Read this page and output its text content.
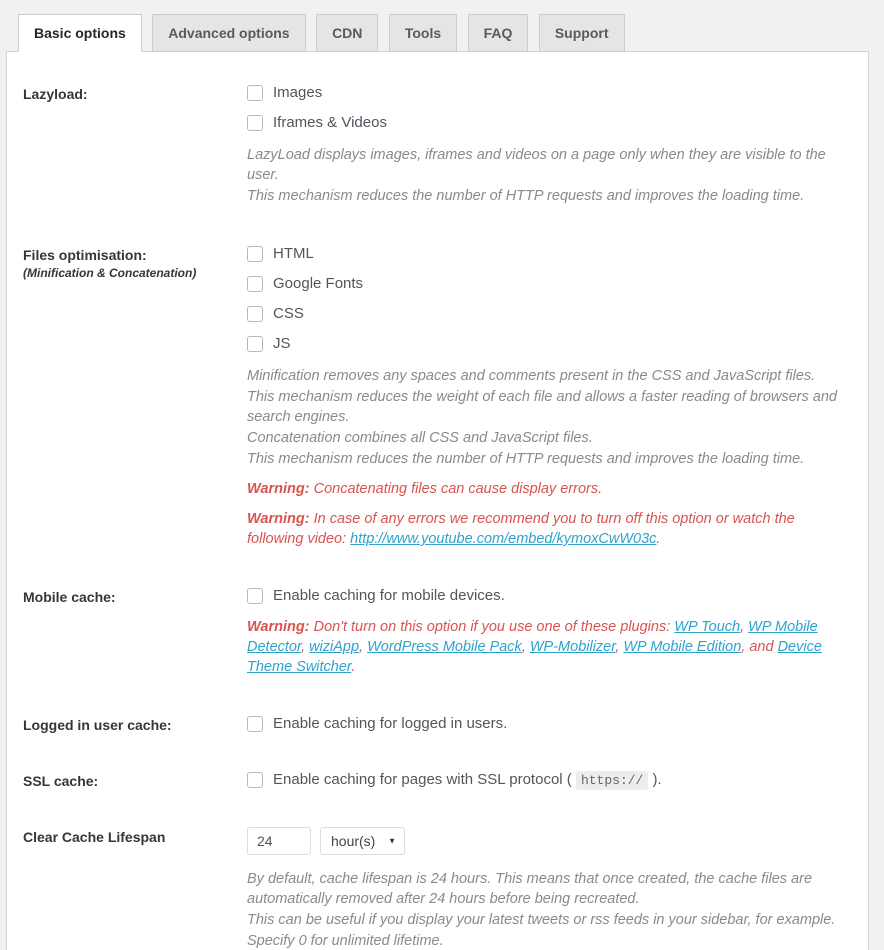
Basic options	Advanced options	CDN	Tools	FAQ	Support
Lazyload:	Images
Iframes & Videos

LazyLoad displays images, iframes and videos on a page only when they are visible to the user.

This mechanism reduces the number of HTTP requests and improves the loading time.

Files optimisation:
(Minification & Concatenation)
HTML
Google Fonts
CSS
JS

Minification removes any spaces and comments present in the CSS and JavaScript files.

This mechanism reduces the weight of each file and allows a faster reading of browsers and search engines.

Concatenation combines all CSS and JavaScript files.

This mechanism reduces the number of HTTP requests and improves the loading time.

Warning: Concatenating files can cause display errors.

Warning: In case of any errors we recommend you to turn off this option or watch the following video: http://www.youtube.com/embed/kymoxCwW03c.

Mobile cache:	Enable caching for mobile devices.

Warning: Don't turn on this option if you use one of these plugins: WP Touch, WP Mobile Detector, wiziApp, WordPress Mobile Pack, WP-Mobilizer, WP Mobile Edition, and Device Theme Switcher.

Logged in user cache:	Enable caching for logged in users.
SSL cache:	Enable caching for pages with SSL protocol ( https:// ).
Clear Cache Lifespan
24
hour(s)	▼

By default, cache lifespan is 24 hours. This means that once created, the cache files are automatically removed after 24 hours before being recreated.

This can be useful if you display your latest tweets or rss feeds in your sidebar, for example.

Specify 0 for unlimited lifetime.
